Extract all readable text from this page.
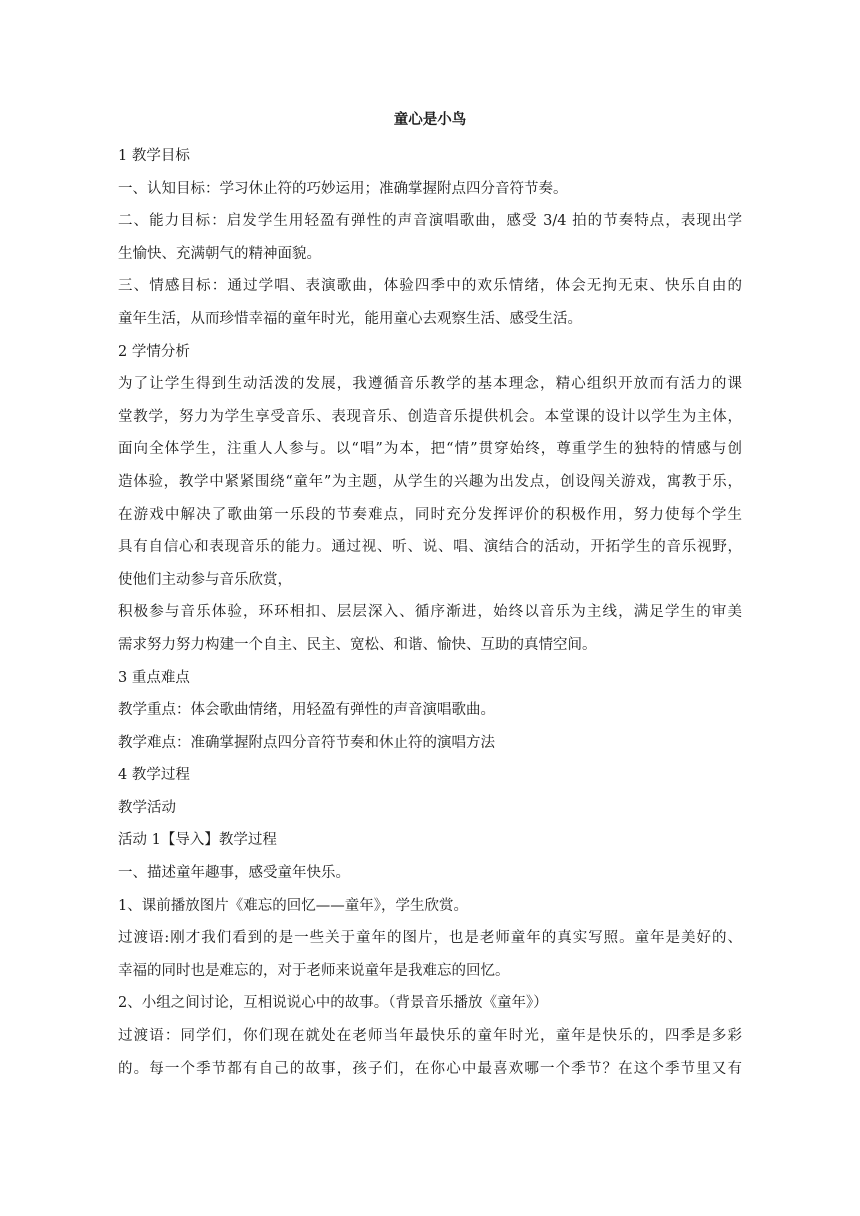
童心是小鸟

1 教学目标

一、认知目标：学习休止符的巧妙运用；准确掌握附点四分音符节奏。

二、能力目标：启发学生用轻盈有弹性的声音演唱歌曲，感受 3/4 拍的节奏特点，表现出学

生愉快、充满朝气的精神面貌。

三、情感目标：通过学唱、表演歌曲，体验四季中的欢乐情绪，体会无拘无束、快乐自由的

童年生活，从而珍惜幸福的童年时光，能用童心去观察生活、感受生活。

2 学情分析

为了让学生得到生动活泼的发展，我遵循音乐教学的基本理念，精心组织开放而有活力的课

堂教学，努力为学生享受音乐、表现音乐、创造音乐提供机会。本堂课的设计以学生为主体，

面向全体学生，注重人人参与。以“唱”为本，把“情”贯穿始终，尊重学生的独特的情感与创

造体验，教学中紧紧围绕“童年”为主题，从学生的兴趣为出发点，创设闯关游戏，寓教于乐，

在游戏中解决了歌曲第一乐段的节奏难点，同时充分发挥评价的积极作用，努力使每个学生

具有自信心和表现音乐的能力。通过视、听、说、唱、演结合的活动，开拓学生的音乐视野，

使他们主动参与音乐欣赏，

积极参与音乐体验，环环相扣、层层深入、循序渐进，始终以音乐为主线，满足学生的审美

需求努力努力构建一个自主、民主、宽松、和谐、愉快、互助的真情空间。

3 重点难点

教学重点：体会歌曲情绪，用轻盈有弹性的声音演唱歌曲。

教学难点：准确掌握附点四分音符节奏和休止符的演唱方法

4 教学过程

教学活动

活动 1【导入】教学过程

一、描述童年趣事，感受童年快乐。

1、课前播放图片《难忘的回忆——童年》，学生欣赏。

过渡语:刚才我们看到的是一些关于童年的图片，也是老师童年的真实写照。童年是美好的、

幸福的同时也是难忘的，对于老师来说童年是我难忘的回忆。

2、小组之间讨论，互相说说心中的故事。（背景音乐播放《童年》）

过渡语：同学们，你们现在就处在老师当年最快乐的童年时光，童年是快乐的，四季是多彩

的。每一个季节都有自己的故事，孩子们，在你心中最喜欢哪一个季节？在这个季节里又有
